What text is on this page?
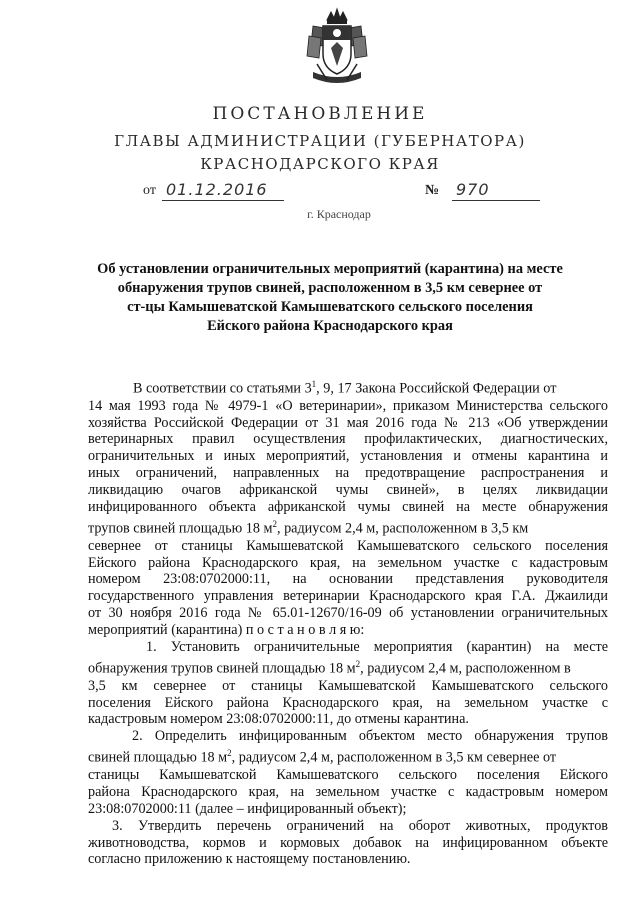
ПОСТАНОВЛЕНИЕ
ГЛАВЫ АДМИНИСТРАЦИИ (ГУБЕРНАТОРА)
КРАСНОДАРСКОГО КРАЯ
от 01.12.2016	№ 970
г. Краснодар
Об установлении ограничительных мероприятий (карантина) на месте
обнаружения трупов свиней, расположенном в 3,5 км севернее от
ст-цы Камышеватской Камышеватского сельского поселения
Ейского района Краснодарского края
В соответствии со статьями $3^1$, 9, 17 Закона Российской Федерации от
14 мая 1993 года № 4979-1 «О ветеринарии», приказом Министерства сельского
хозяйства Российской Федерации от 31 мая 2016 года № 213 «Об утверждении
ветеринарных правил осуществления профилактических, диагностических,
ограничительных и иных мероприятий, установления и отмены карантина и
иных ограничений, направленных на предотвращение распространения и
ликвидацию очагов африканской чумы свиней», в целях ликвидации
инфицированного объекта африканской чумы свиней на месте обнаружения
трупов свиней площадью 18 $м^2$, радиусом 2,4 м, расположенном в 3,5 км
севернее от станицы Камышеватской Камышеватского сельского поселения
Ейского района Краснодарского края, на земельном участке с кадастровым
номером 23:08:0702000:11, на основании представления руководителя
государственного управления ветеринарии Краснодарского края Г.А. Джаилиди
от 30 ноября 2016 года № 65.01-12670/16-09 об установлении ограничительных
мероприятий (карантина) п о с т а н о в л я ю:
1. Установить ограничительные мероприятия (карантин) на месте
обнаружения трупов свиней площадью 18 $м^2$, радиусом 2,4 м, расположенном в
3,5 км севернее от станицы Камышеватской Камышеватского сельского
поселения Ейского района Краснодарского края, на земельном участке с
кадастровым номером 23:08:0702000:11, до отмены карантина.
2. Определить инфицированным объектом место обнаружения трупов
свиней площадью 18 $м^2$, радиусом 2,4 м, расположенном в 3,5 км севернее от
станицы Камышеватской Камышеватского сельского поселения Ейского
района Краснодарского края, на земельном участке с кадастровым номером
23:08:0702000:11 (далее – инфицированный объект);
3. Утвердить перечень ограничений на оборот животных, продуктов
животноводства, кормов и кормовых добавок на инфицированном объекте
согласно приложению к настоящему постановлению.
